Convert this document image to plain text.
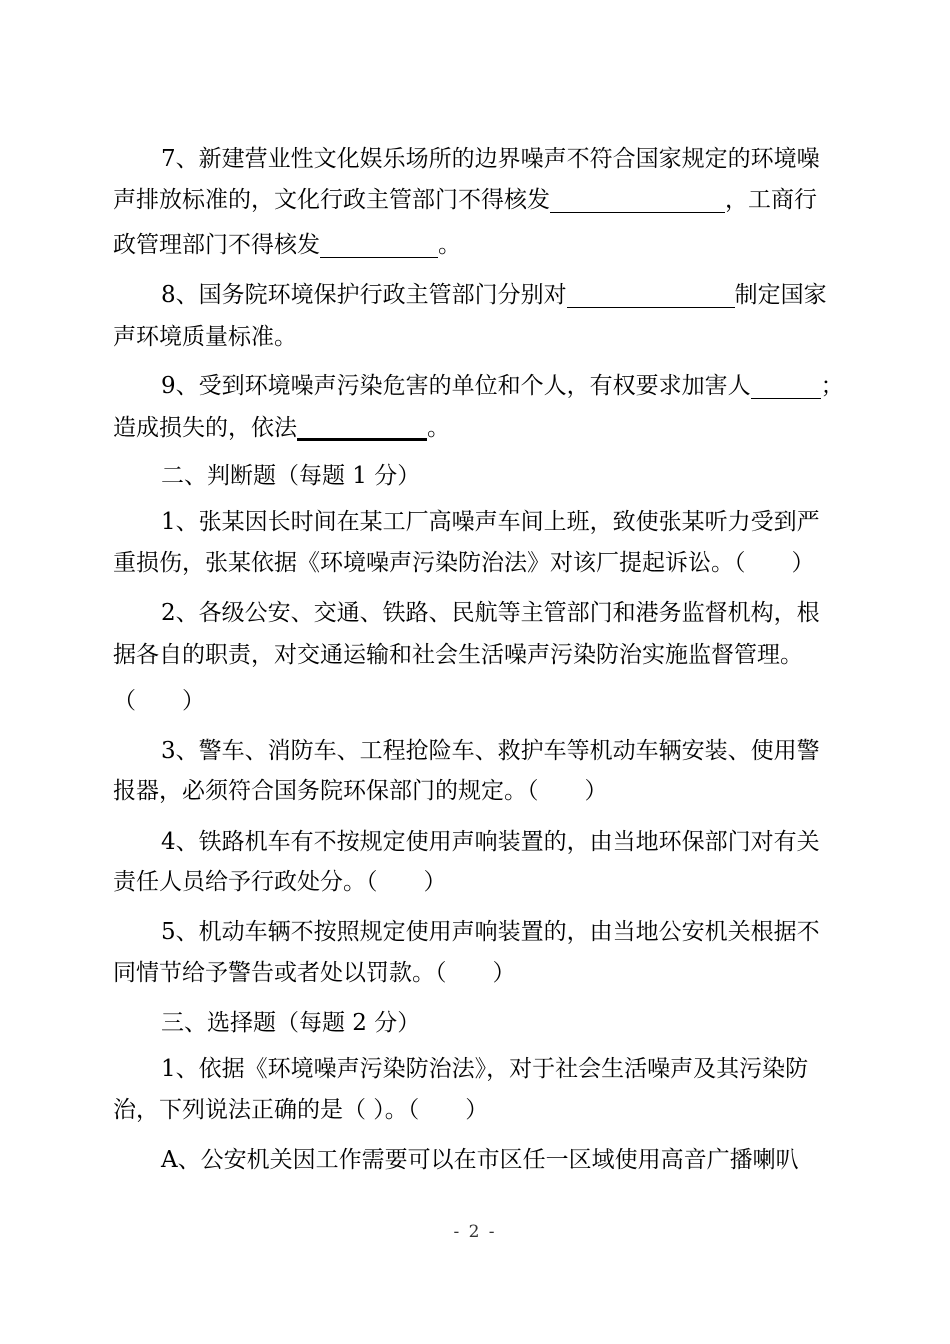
7、新建营业性文化娱乐场所的边界噪声不符合国家规定的环境噪
声排放标准的，文化行政主管部门不得核发	，工商行
政管理部门不得核发	。
8、国务院环境保护行政主管部门分别对	制定国家
声环境质量标准。
9、受到环境噪声污染危害的单位和个人，有权要求加害人	；
造成损失的，依法	。
二、判断题（每题 1 分）
1、张某因长时间在某工厂高噪声车间上班，致使张某听力受到严
重损伤，张某依据《环境噪声污染防治法》对该厂提起诉讼。（　　）
2、各级公安、交通、铁路、民航等主管部门和港务监督机构，根
据各自的职责，对交通运输和社会生活噪声污染防治实施监督管理。
（　　）
3、警车、消防车、工程抢险车、救护车等机动车辆安装、使用警
报器，必须符合国务院环保部门的规定。（　　）
4、铁路机车有不按规定使用声响装置的，由当地环保部门对有关
责任人员给予行政处分。（　　）
5、机动车辆不按照规定使用声响装置的，由当地公安机关根据不
同情节给予警告或者处以罚款。（　　）
三、选择题（每题 2 分）
1、依据《环境噪声污染防治法》，对于社会生活噪声及其污染防
治，下列说法正确的是（ ）。（　　）
A、公安机关因工作需要可以在市区任一区域使用高音广播喇叭
- 2 -
